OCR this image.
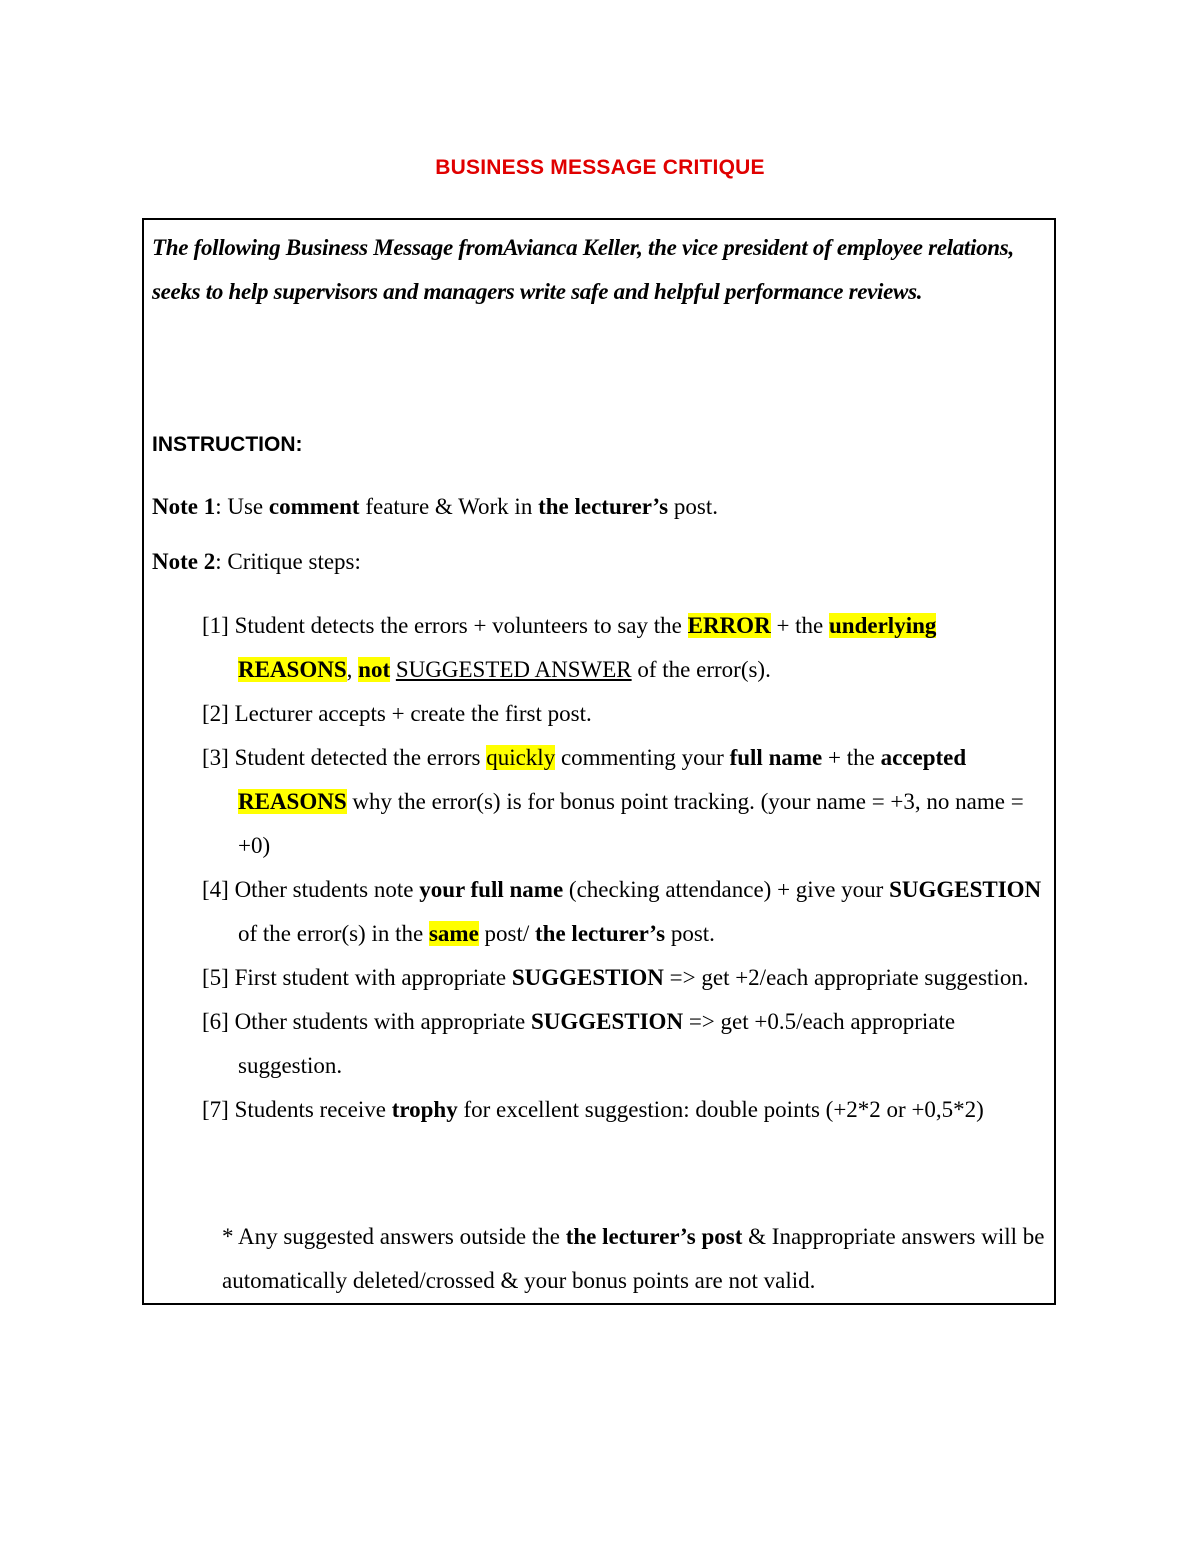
BUSINESS MESSAGE CRITIQUE

The following Business Message fromAvianca Keller, the vice president of employee relations, seeks to help supervisors and managers write safe and helpful performance reviews.

INSTRUCTION:

Note 1: Use comment feature & Work in the lecturer’s post.

Note 2: Critique steps:

[1] Student detects the errors + volunteers to say the ERROR + the underlying REASONS, not SUGGESTED ANSWER of the error(s).
[2] Lecturer accepts + create the first post.
[3] Student detected the errors quickly commenting your full name + the accepted REASONS why the error(s) is for bonus point tracking. (your name = +3, no name = +0)
[4] Other students note your full name (checking attendance) + give your SUGGESTION of the error(s) in the same post/ the lecturer’s post.
[5] First student with appropriate SUGGESTION => get +2/each appropriate suggestion.
[6] Other students with appropriate SUGGESTION => get +0.5/each appropriate suggestion.
[7] Students receive trophy for excellent suggestion: double points (+2*2 or +0,5*2)

* Any suggested answers outside the the lecturer’s post & Inappropriate answers will be automatically deleted/crossed & your bonus points are not valid.
